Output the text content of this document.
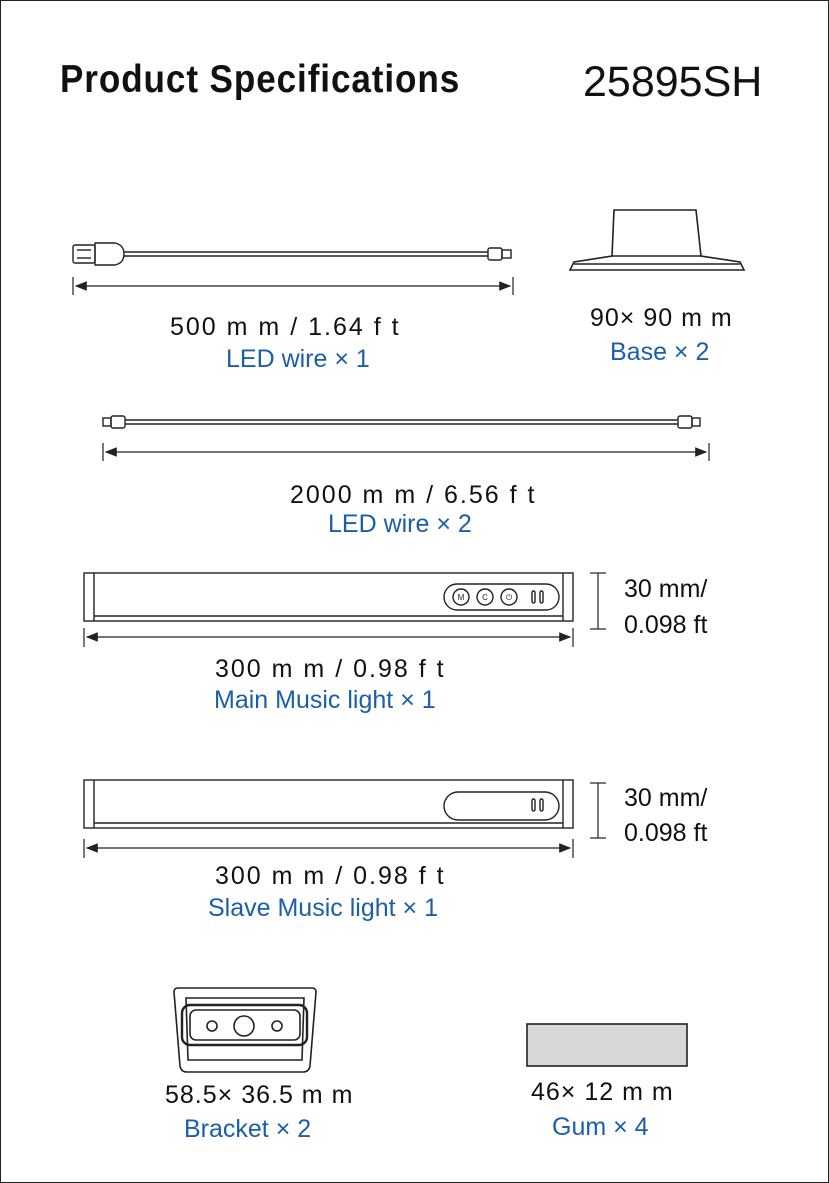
Product Specifications	25895SH
M C ⏻
500 m m / 1.64 f t
LED wire × 1
90× 90 m m
Base × 2
2000 m m / 6.56 f t
LED wire × 2
30 mm/
0.098 ft
300 m m / 0.98 f t
Main Music light × 1
30 mm/
0.098 ft
300 m m / 0.98 f t
Slave Music light × 1
58.5× 36.5 m m
Bracket × 2
46× 12 m m
Gum × 4
